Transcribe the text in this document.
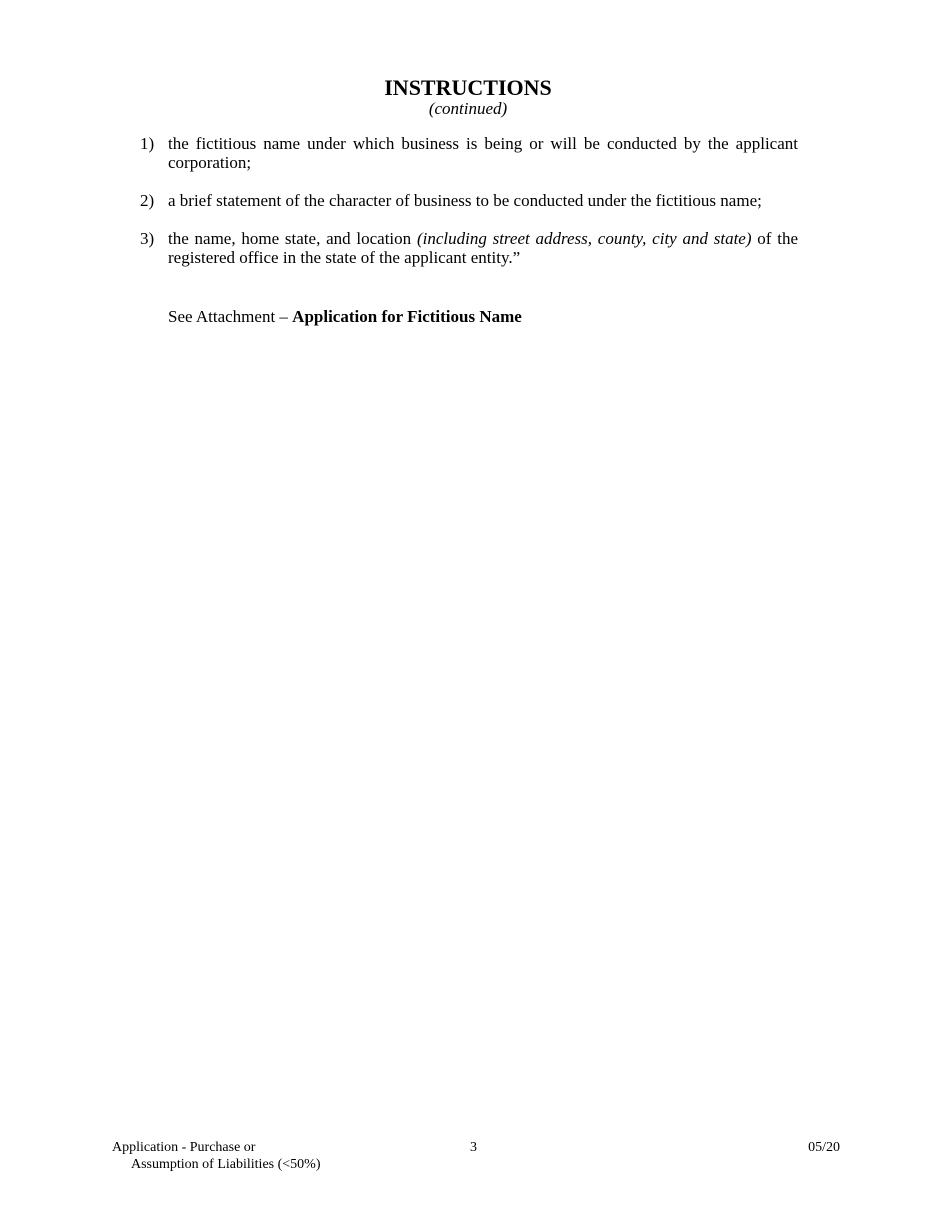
INSTRUCTIONS
(continued)
1) the fictitious name under which business is being or will be conducted by the applicant corporation;
2) a brief statement of the character of business to be conducted under the fictitious name;
3) the name, home state, and location (including street address, county, city and state) of the registered office in the state of the applicant entity.”
See Attachment – Application for Fictitious Name
Application - Purchase or
Assumption of Liabilities (<50%)
3	05/20
